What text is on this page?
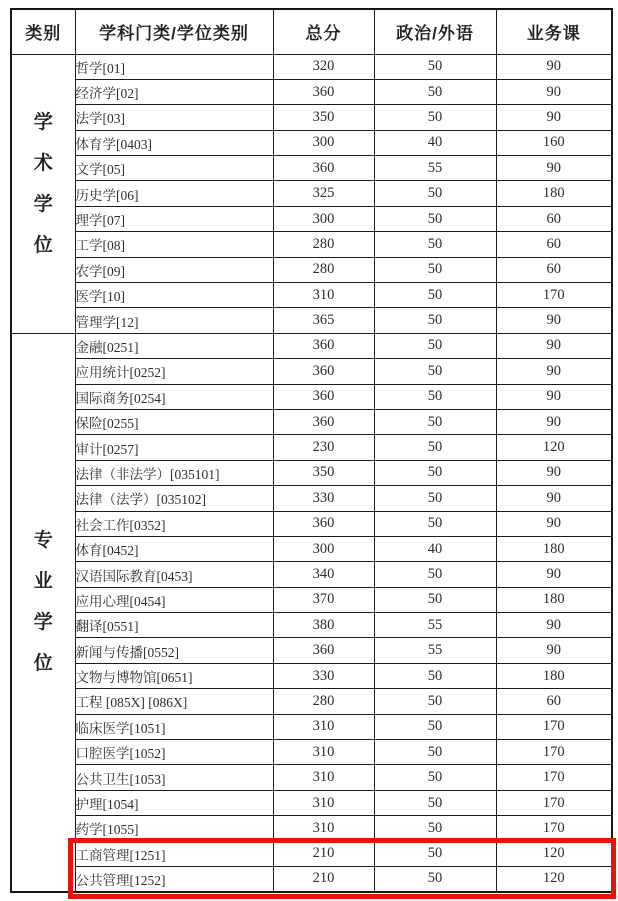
类别	学科门类/学位类别	总分	政治/外语	业务课

学
术
学
位	哲学[01]	320	50	90
	经济学[02]	360	50	90
	法学[03]	350	50	90
	体育学[0403]	300	40	160
	文学[05]	360	55	90
	历史学[06]	325	50	180
	理学[07]	300	50	60
	工学[08]	280	50	60
	农学[09]	280	50	60
	医学[10]	310	50	170
	管理学[12]	365	50	90

专
业
学
位	金融[0251]	360	50	90
	应用统计[0252]	360	50	90
	国际商务[0254]	360	50	90
	保险[0255]	360	50	90
	审计[0257]	230	50	120
	法律（非法学）[035101]	350	50	90
	法律（法学）[035102]	330	50	90
	社会工作[0352]	360	50	90
	体育[0452]	300	40	180
	汉语国际教育[0453]	340	50	90
	应用心理[0454]	370	50	180
	翻译[0551]	380	55	90
	新闻与传播[0552]	360	55	90
	文物与博物馆[0651]	330	50	180
	工程 [085X] [086X]	280	50	60
	临床医学[1051]	310	50	170
	口腔医学[1052]	310	50	170
	公共卫生[1053]	310	50	170
	护理[1054]	310	50	170
	药学[1055]	310	50	170
	工商管理[1251]	210	50	120
	公共管理[1252]	210	50	120
